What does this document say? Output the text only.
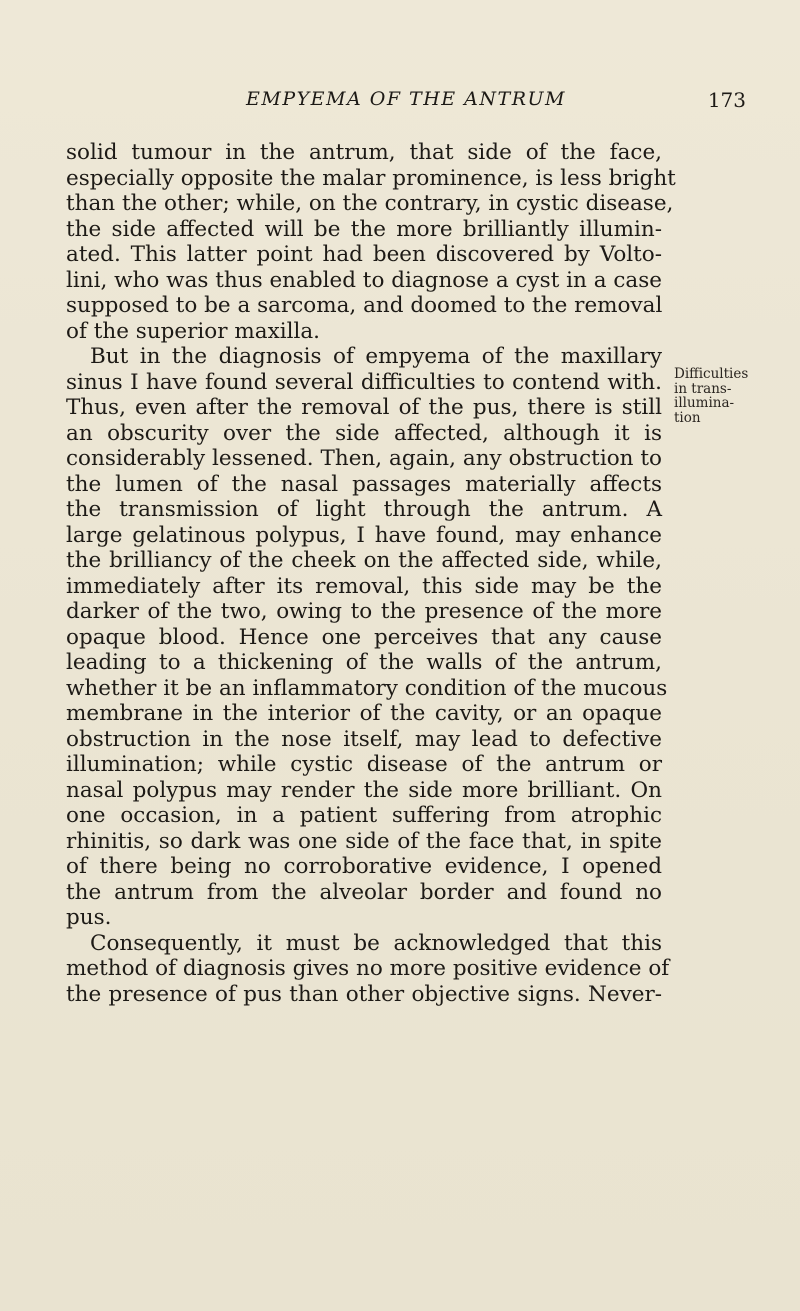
EMPYEMA OF THE ANTRUM	173
solid tumour in the antrum, that side of the face,
especially opposite the malar prominence, is less bright
than the other; while, on the contrary, in cystic disease,
the side affected will be the more brilliantly illumin-
ated. This latter point had been discovered by Volto-
lini, who was thus enabled to diagnose a cyst in a case
supposed to be a sarcoma, and doomed to the removal
of the superior maxilla.
But in the diagnosis of empyema of the maxillary
sinus I have found several difficulties to contend with.
Thus, even after the removal of the pus, there is still
an obscurity over the side affected, although it is
considerably lessened. Then, again, any obstruction to
the lumen of the nasal passages materially affects
the transmission of light through the antrum. A
large gelatinous polypus, I have found, may enhance
the brilliancy of the cheek on the affected side, while,
immediately after its removal, this side may be the
darker of the two, owing to the presence of the more
opaque blood. Hence one perceives that any cause
leading to a thickening of the walls of the antrum,
whether it be an inflammatory condition of the mucous
membrane in the interior of the cavity, or an opaque
obstruction in the nose itself, may lead to defective
illumination; while cystic disease of the antrum or
nasal polypus may render the side more brilliant. On
one occasion, in a patient suffering from atrophic
rhinitis, so dark was one side of the face that, in spite
of there being no corroborative evidence, I opened
the antrum from the alveolar border and found no
pus.
Consequently, it must be acknowledged that this
method of diagnosis gives no more positive evidence of
the presence of pus than other objective signs. Never-
Difficulties
in trans-
illumina-
tion
